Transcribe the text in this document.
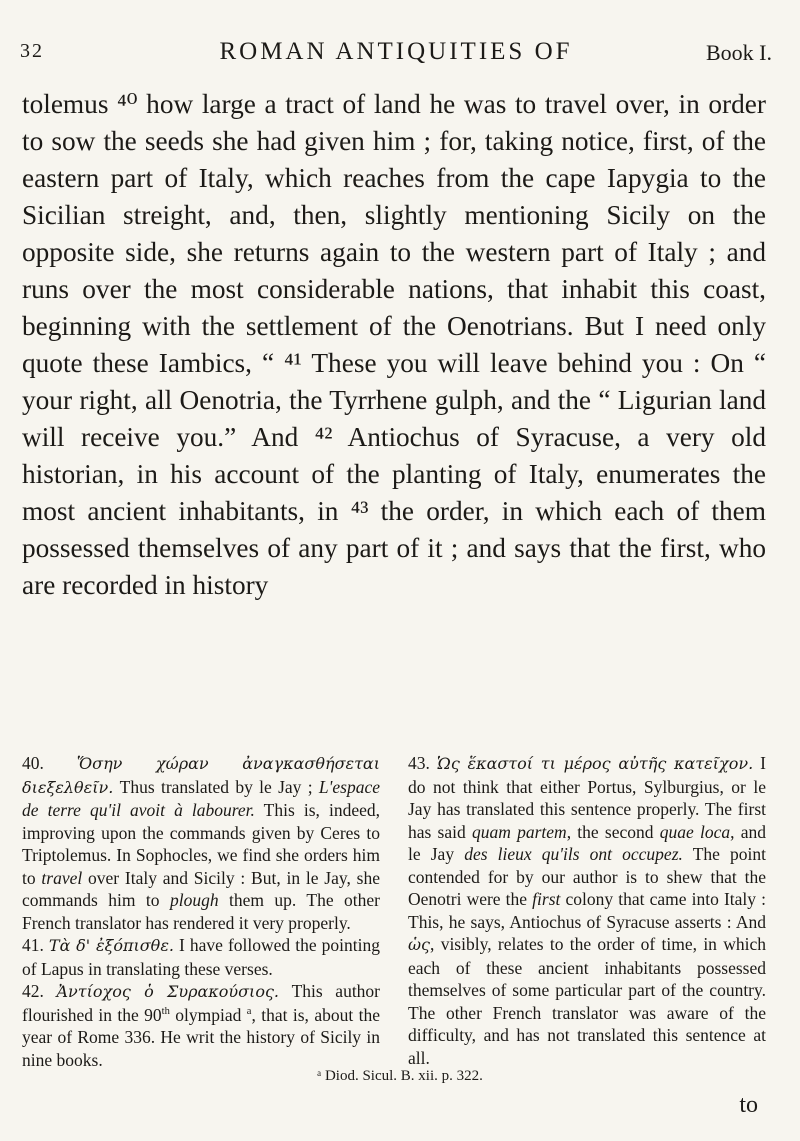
32	ROMAN ANTIQUITIES OF	Book I.

tolemus ⁴⁰ how large a tract of land he was to travel over, in order to sow the seeds she had given him ; for, taking notice, first, of the eastern part of Italy, which reaches from the cape Iapygia to the Sicilian streight, and, then, slightly mentioning Sicily on the opposite side, she returns again to the western part of Italy ; and runs over the most considerable nations, that inhabit this coast, beginning with the settlement of the Oenotrians. But I need only quote these Iambics, “ ⁴¹ These you will leave behind you : On “ your right, all Oenotria, the Tyrrhene gulph, and the “ Ligurian land will receive you.” And ⁴² Antiochus of Syracuse, a very old historian, in his account of the planting of Italy, enumerates the most ancient inhabitants, in ⁴³ the order, in which each of them possessed themselves of any part of it ; and says that the first, who are recorded in history

40. Ὅσην χώραν ἀναγκασθήσεται διεξελθεῖν. Thus translated by le Jay ; L'espace de terre qu'il avoit à labourer. This is, indeed, improving upon the commands given by Ceres to Triptolemus. In Sophocles, we find she orders him to travel over Italy and Sicily : But, in le Jay, she commands him to plough them up. The other French translator has rendered it very properly.

41. Τὰ δ' ἐξόπισθε. I have followed the pointing of Lapus in translating these verses.

42. Ἀντίοχος ὁ Συρακούσιος. This author flourished in the 90th olympiad $^a$, that is, about the year of Rome 336. He writ the history of Sicily in nine books.

43. Ὡς ἕκαστοί τι μέρος αὐτῆς κατεῖχον. I do not think that either Portus, Sylburgius, or le Jay has translated this sentence properly. The first has said quam partem, the second quae loca, and le Jay des lieux qu'ils ont occupez. The point contended for by our author is to shew that the Oenotri were the first colony that came into Italy : This, he says, Antiochus of Syracuse asserts : And ὡς, visibly, relates to the order of time, in which each of these ancient inhabitants possessed themselves of some particular part of the country. The other French translator was aware of the difficulty, and has not translated this sentence at all.

ᵃ Diod. Sicul. B. xii. p. 322.
to
